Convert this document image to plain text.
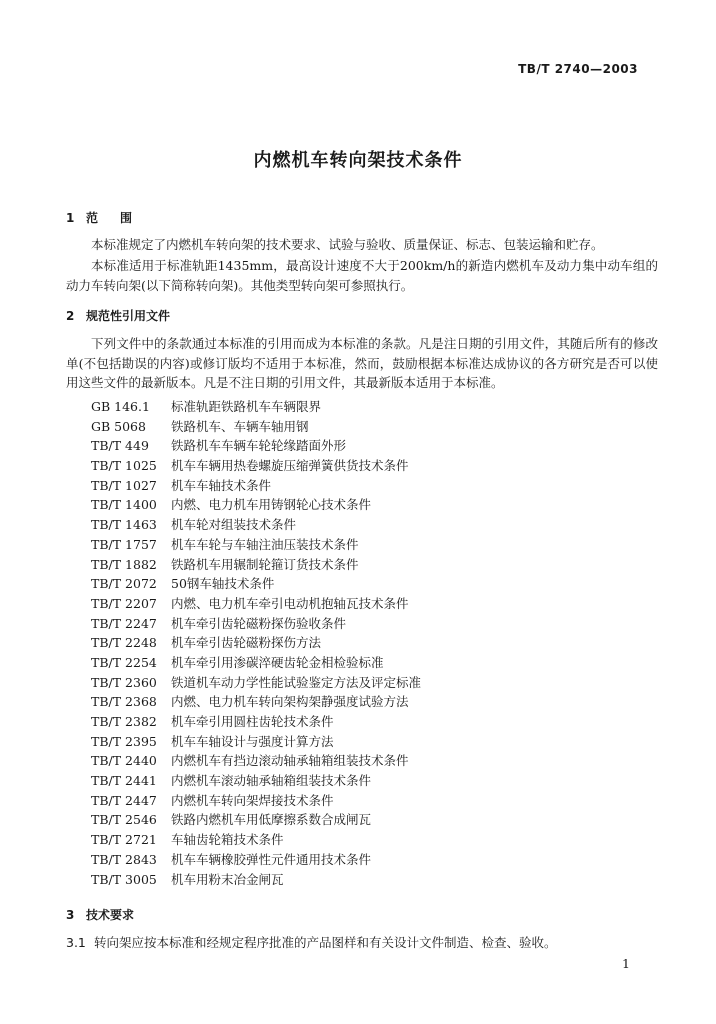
TB/T 2740—2003
内燃机车转向架技术条件
1 范围
本标准规定了内燃机车转向架的技术要求、试验与验收、质量保证、标志、包装运输和贮存。
本标准适用于标准轨距1435mm，最高设计速度不大于200km/h的新造内燃机车及动力集中动车组的动力车转向架(以下简称转向架)。其他类型转向架可参照执行。
2 规范性引用文件
下列文件中的条款通过本标准的引用而成为本标准的条款。凡是注日期的引用文件，其随后所有的修改单(不包括勘误的内容)或修订版均不适用于本标准，然而，鼓励根据本标准达成协议的各方研究是否可以使用这些文件的最新版本。凡是不注日期的引用文件，其最新版本适用于本标准。
GB 146.1 标准轨距铁路机车车辆限界
GB 5068 铁路机车、车辆车轴用钢
TB/T 449 铁路机车车辆车轮轮缘踏面外形
TB/T 1025 机车车辆用热卷螺旋压缩弹簧供货技术条件
TB/T 1027 机车车轴技术条件
TB/T 1400 内燃、电力机车用铸钢轮心技术条件
TB/T 1463 机车轮对组装技术条件
TB/T 1757 机车车轮与车轴注油压装技术条件
TB/T 1882 铁路机车用辗制轮箍订货技术条件
TB/T 2072 50钢车轴技术条件
TB/T 2207 内燃、电力机车牵引电动机抱轴瓦技术条件
TB/T 2247 机车牵引齿轮磁粉探伤验收条件
TB/T 2248 机车牵引齿轮磁粉探伤方法
TB/T 2254 机车牵引用渗碳淬硬齿轮金相检验标准
TB/T 2360 铁道机车动力学性能试验鉴定方法及评定标准
TB/T 2368 内燃、电力机车转向架构架静强度试验方法
TB/T 2382 机车牵引用圆柱齿轮技术条件
TB/T 2395 机车车轴设计与强度计算方法
TB/T 2440 内燃机车有挡边滚动轴承轴箱组装技术条件
TB/T 2441 内燃机车滚动轴承轴箱组装技术条件
TB/T 2447 内燃机车转向架焊接技术条件
TB/T 2546 铁路内燃机车用低摩擦系数合成闸瓦
TB/T 2721 车轴齿轮箱技术条件
TB/T 2843 机车车辆橡胶弹性元件通用技术条件
TB/T 3005 机车用粉末冶金闸瓦
3 技术要求
3.1 转向架应按本标准和经规定程序批准的产品图样和有关设计文件制造、检查、验收。
1
